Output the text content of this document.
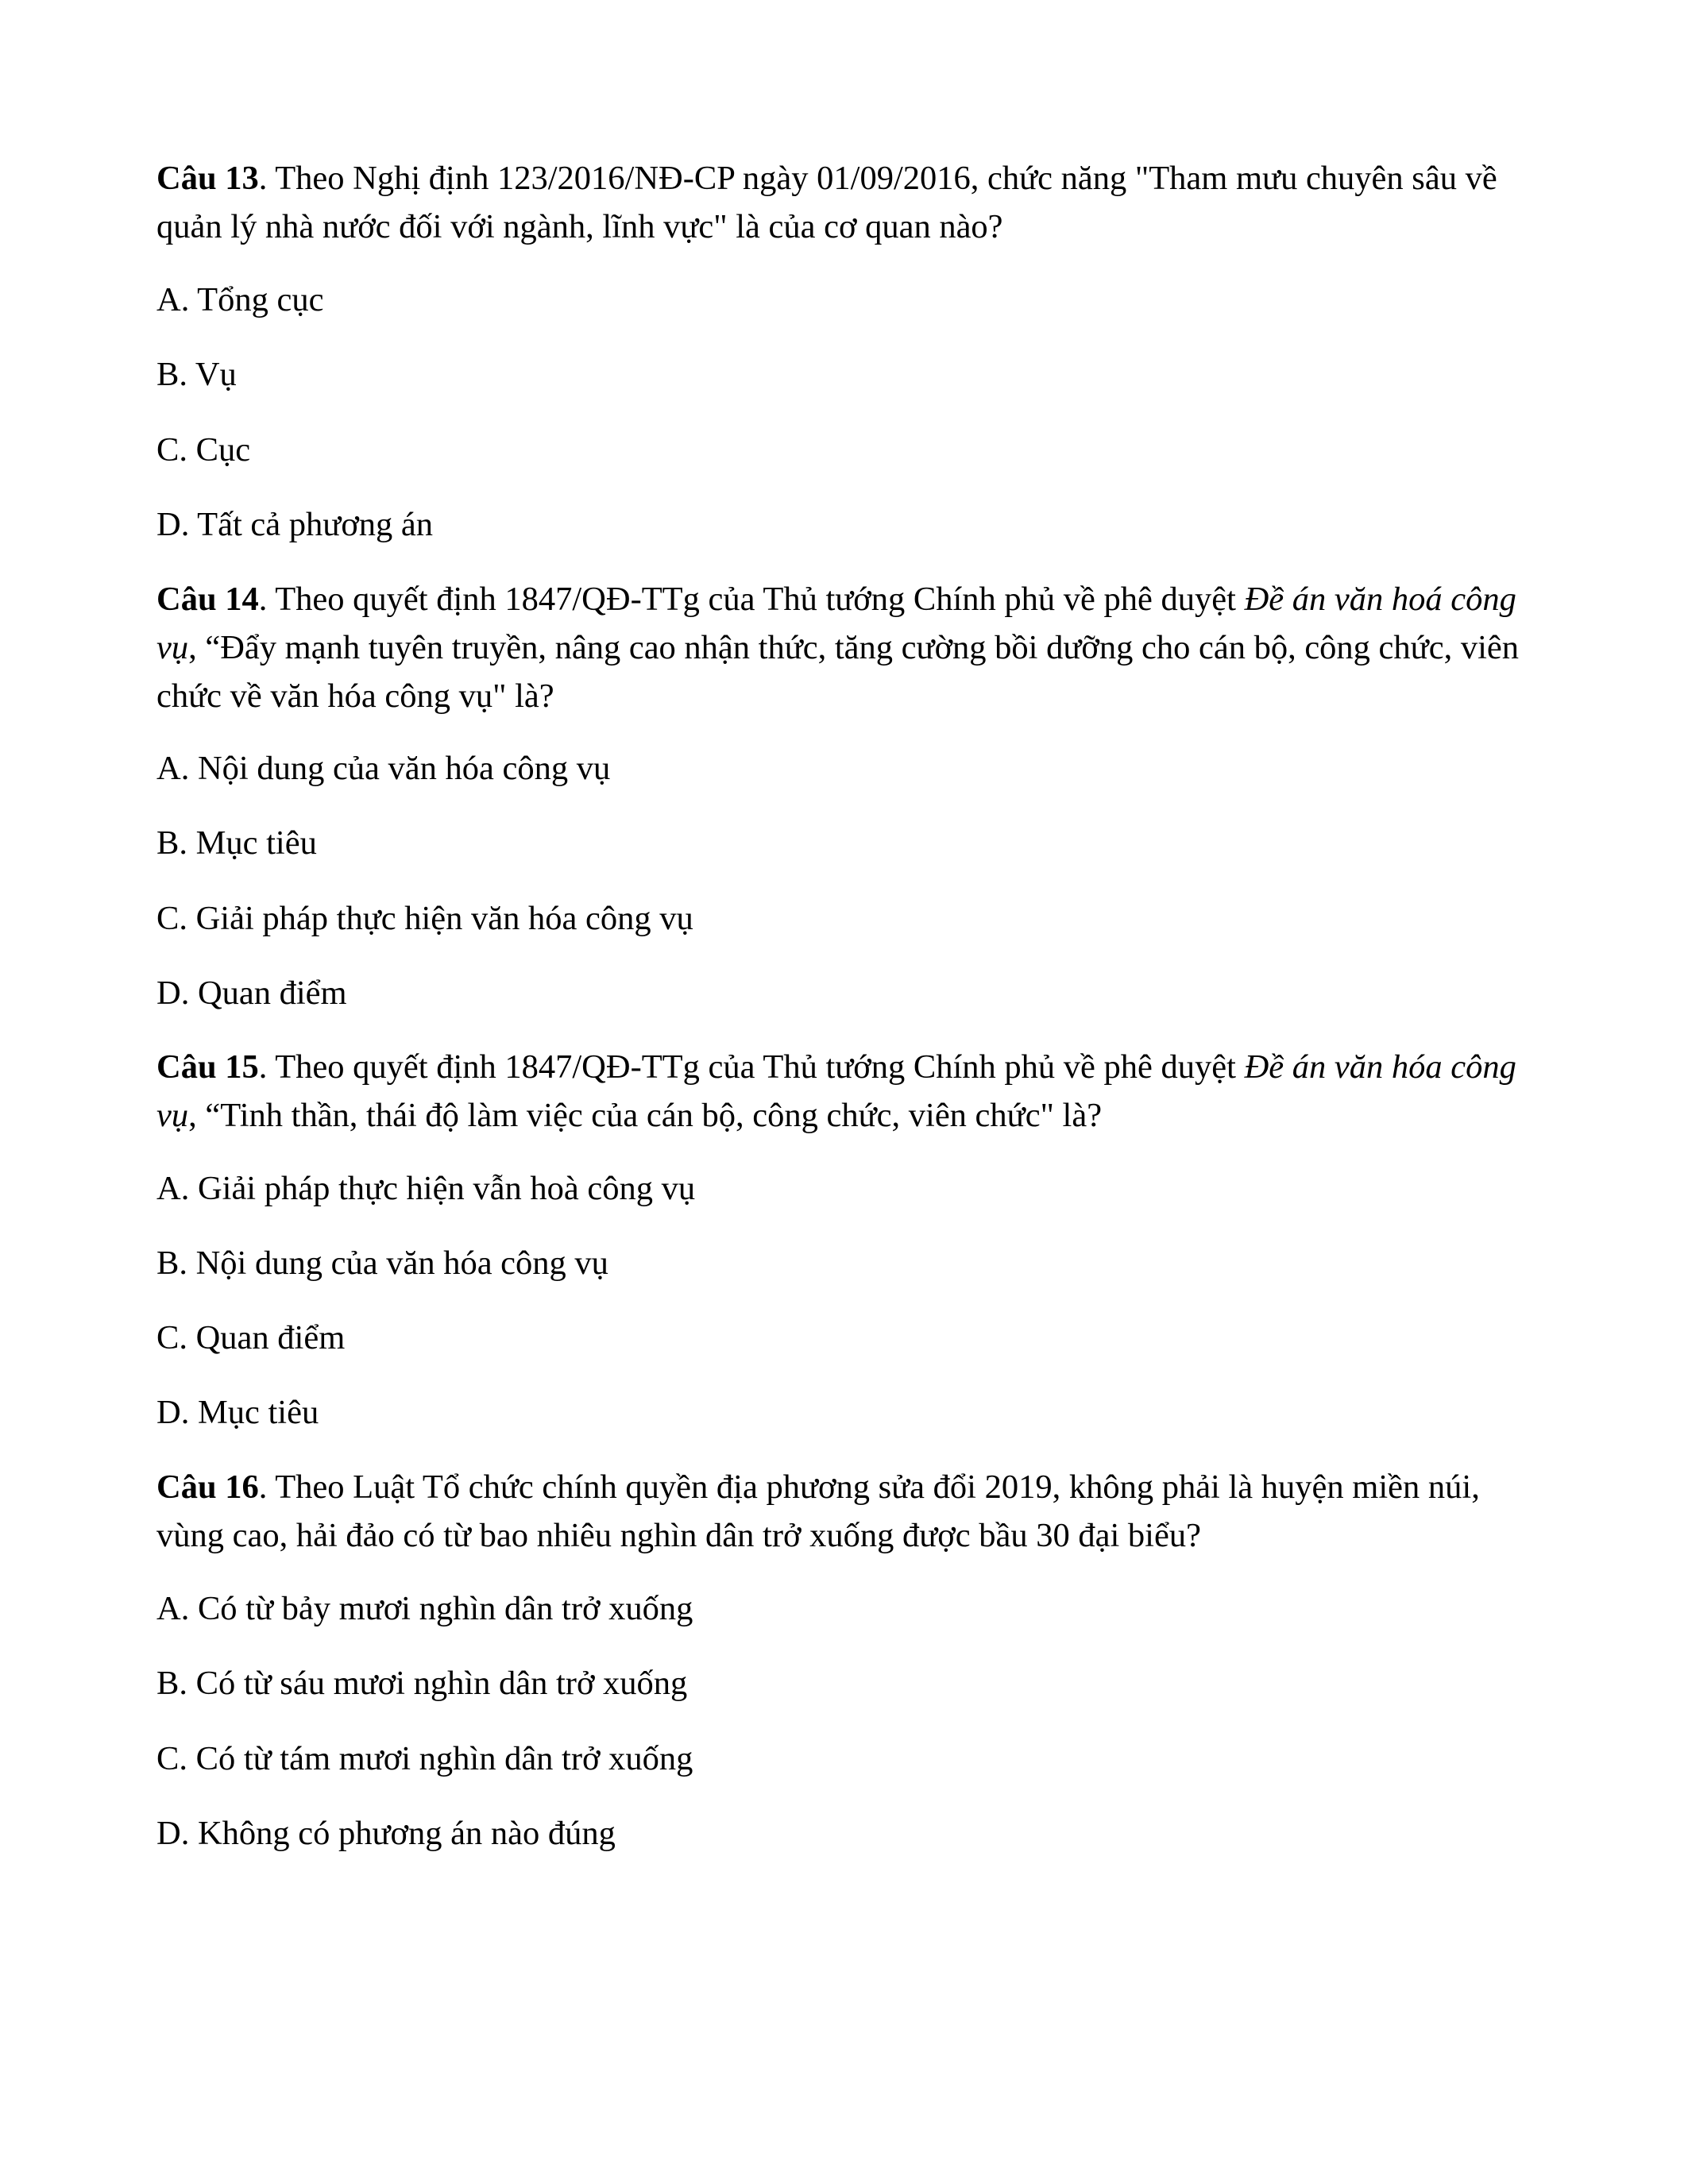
Câu 13. Theo Nghị định 123/2016/NĐ-CP ngày 01/09/2016, chức năng "Tham mưu chuyên sâu về quản lý nhà nước đối với ngành, lĩnh vực" là của cơ quan nào?

A. Tổng cục

B. Vụ

C. Cục

D. Tất cả phương án

Câu 14. Theo quyết định 1847/QĐ-TTg của Thủ tướng Chính phủ về phê duyệt Đề án văn hoá công vụ, “Đẩy mạnh tuyên truyền, nâng cao nhận thức, tăng cường bồi dưỡng cho cán bộ, công chức, viên chức về văn hóa công vụ" là?

A. Nội dung của văn hóa công vụ

B. Mục tiêu

C. Giải pháp thực hiện văn hóa công vụ

D. Quan điểm

Câu 15. Theo quyết định 1847/QĐ-TTg của Thủ tướng Chính phủ về phê duyệt Đề án văn hóa công vụ, “Tinh thần, thái độ làm việc của cán bộ, công chức, viên chức" là?

A. Giải pháp thực hiện vẫn hoà công vụ

B. Nội dung của văn hóa công vụ

C. Quan điểm

D. Mục tiêu

Câu 16. Theo Luật Tổ chức chính quyền địa phương sửa đổi 2019, không phải là huyện miền núi, vùng cao, hải đảo có từ bao nhiêu nghìn dân trở xuống được bầu 30 đại biểu?

A. Có từ bảy mươi nghìn dân trở xuống

B. Có từ sáu mươi nghìn dân trở xuống

C. Có từ tám mươi nghìn dân trở xuống

D. Không có phương án nào đúng
